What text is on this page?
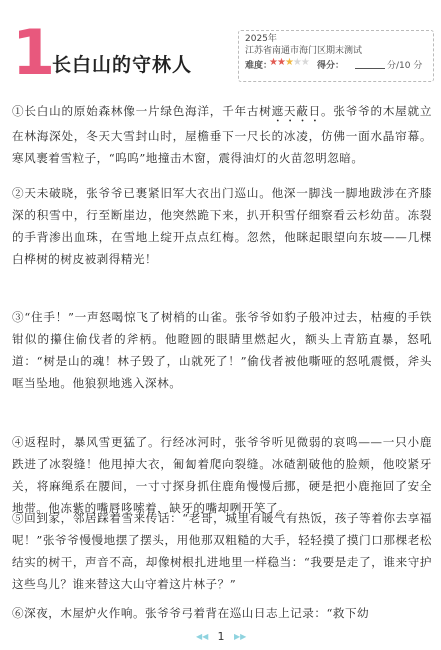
1
长白山的守林人
2025年
江苏省南通市海门区期末测试
难度：
★★★★★ 得分：	分/10 分
①长白山的原始森林像一片绿色海洋，千年古树遮天蔽日。张爷爷的木屋就立在林海深处，冬天大雪封山时，屋檐垂下一尺长的冰凌，仿佛一面水晶帘幕。寒风裹着雪粒子，“呜呜”地撞击木窗，震得油灯的火苗忽明忽暗。
②天未破晓，张爷爷已裹紧旧军大衣出门巡山。他深一脚浅一脚地跋涉在齐膝深的积雪中，行至断崖边，他突然跪下来，扒开积雪仔细察看云杉幼苗。冻裂的手背渗出血珠，在雪地上绽开点点红梅。忽然，他眯起眼望向东坡——几棵白桦树的树皮被剥得精光！
③“住手！”一声怒喝惊飞了树梢的山雀。张爷爷如豹子般冲过去，枯瘦的手铁钳似的攥住偷伐者的斧柄。他瞪圆的眼睛里燃起火，额头上青筋直暴，怒吼道：“树是山的魂！林子毁了，山就死了！”偷伐者被他嘶哑的怒吼震慑，斧头哐当坠地。他狼狈地逃入深林。
④返程时，暴风雪更猛了。行经冰河时，张爷爷听见微弱的哀鸣——一只小鹿跌进了冰裂缝！他甩掉大衣，匍匐着爬向裂缝。冰碴割破他的脸颊，他咬紧牙关，将麻绳系在腰间，一寸寸探身抓住鹿角慢慢后挪，硬是把小鹿拖回了安全地带。他冻紫的嘴唇哆嗦着，缺牙的嘴却咧开笑了。
⑤回到家，邻居踩着雪来传话：“老哥，城里有暖气有热饭，孩子等着你去享福呢！”张爷爷慢慢地摆了摆头，用他那双粗糙的大手，轻轻摸了摸门口那棵老松结实的树干，声音不高，却像树根扎进地里一样稳当：“我要是走了，谁来守护这些鸟儿？谁来替这大山守着这片林子？”
⑥深夜，木屋炉火作响。张爷爷弓着背在巡山日志上记录：“救下幼
◀◀ 1	▶▶
